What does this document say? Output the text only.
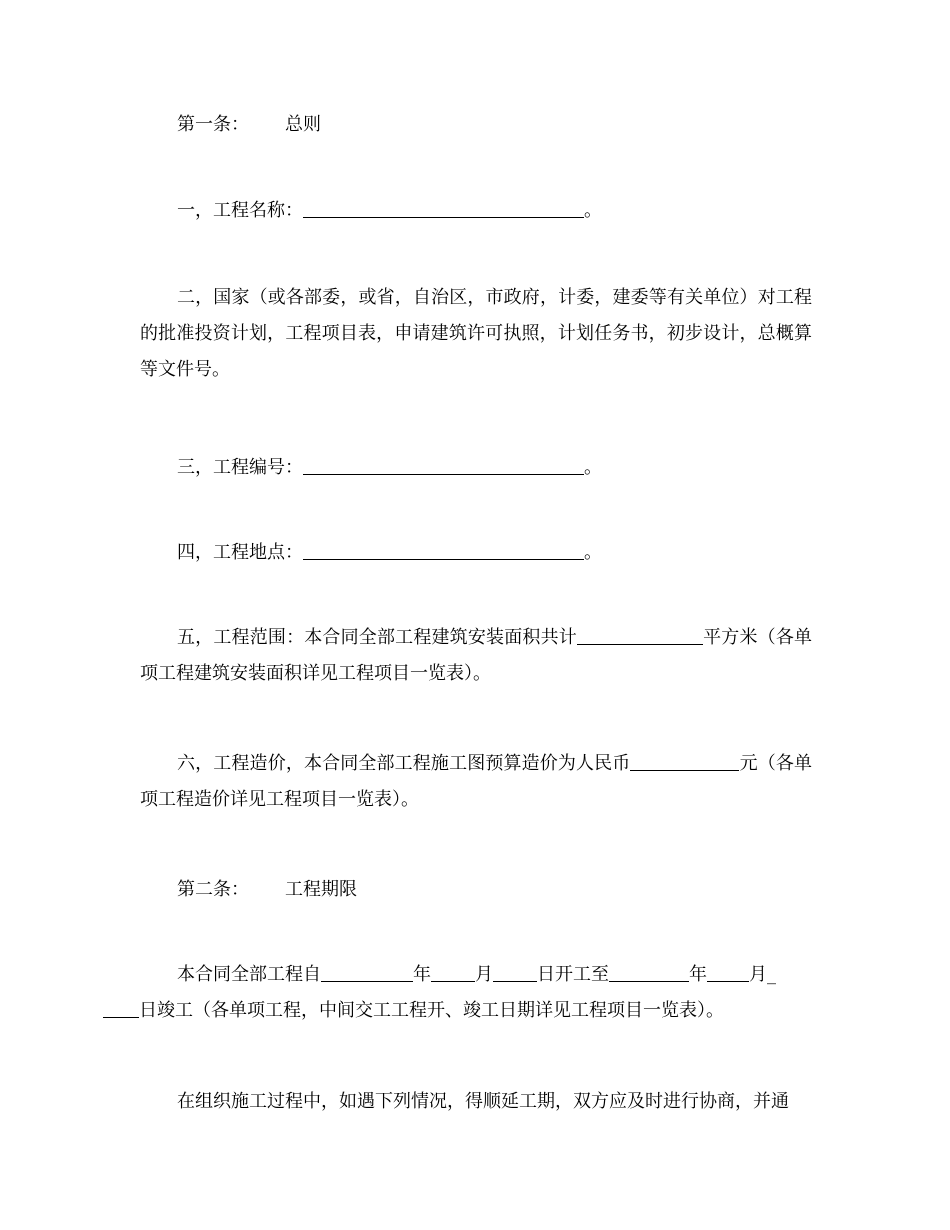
第一条： 总则

一，工程名称：	。

二，国家（或各部委，或省，自治区，市政府，计委，建委等有关单位）对工程的批准投资计划，工程项目表，申请建筑许可执照，计划任务书，初步设计，总概算等文件号。

三，工程编号：	。

四，工程地点：	。

五，工程范围：本合同全部工程建筑安装面积共计	平方米（各单项工程建筑安装面积详见工程项目一览表）。

六，工程造价，本合同全部工程施工图预算造价为人民币	元（各单项工程造价详见工程项目一览表）。

第二条： 工程期限

本合同全部工程自	年 月 日开工至	年 月_
日竣工（各单项工程，中间交工工程开、竣工日期详见工程项目一览表）。

在组织施工过程中，如遇下列情况，得顺延工期，双方应及时进行协商，并通
